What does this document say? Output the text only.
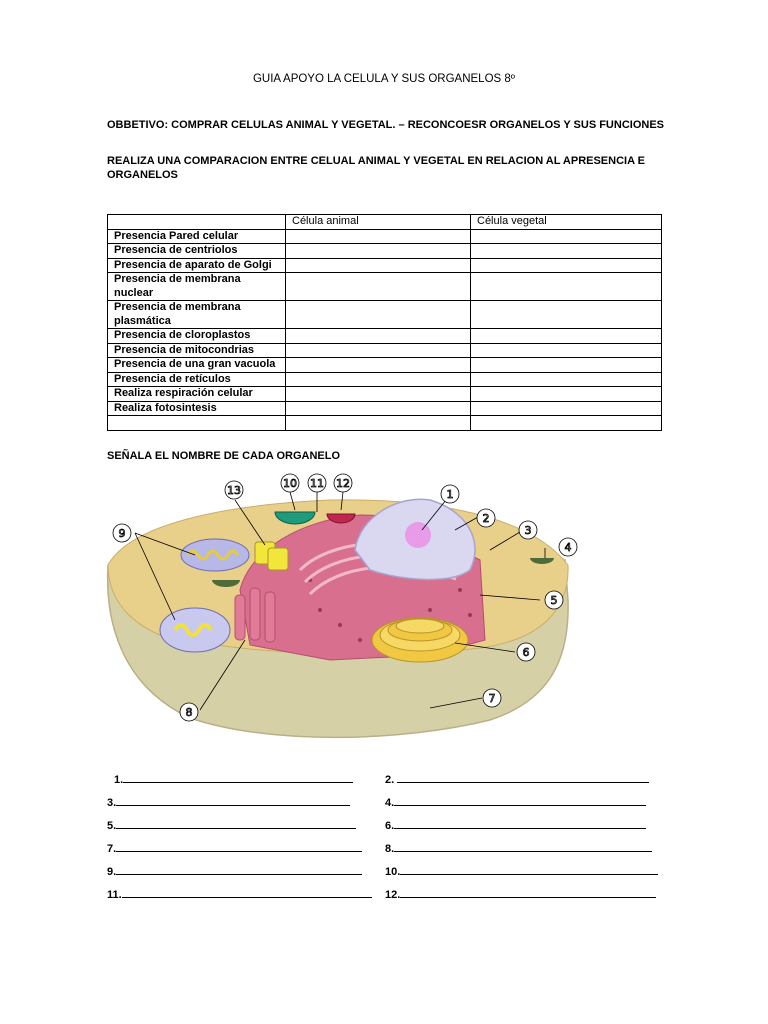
GUIA APOYO LA CELULA Y SUS ORGANELOS 8º
OBBETIVO: COMPRAR CELULAS ANIMAL Y VEGETAL. – RECONCOESR ORGANELOS Y SUS FUNCIONES
REALIZA UNA COMPARACION ENTRE CELUAL ANIMAL Y VEGETAL EN RELACION AL APRESENCIA E ORGANELOS
	Célula animal	Célula vegetal
Presencia Pared celular		
Presencia de centriolos		
Presencia de aparato de Golgi		
Presencia de membrana nuclear		
Presencia de membrana plasmática		
Presencia de cloroplastos		
Presencia de mitocondrias		
Presencia de una gran vacuola		
Presencia de retículos		
Realiza respiración celular		
Realiza fotosintesis		

SEÑALA EL NOMBRE DE CADA ORGANELO
1
2
3
4
5
6
7
8
9
10 11 12
13
1.	2.
3.	4.
5.	6.
7.	8.
9.	10.
11.	12.
